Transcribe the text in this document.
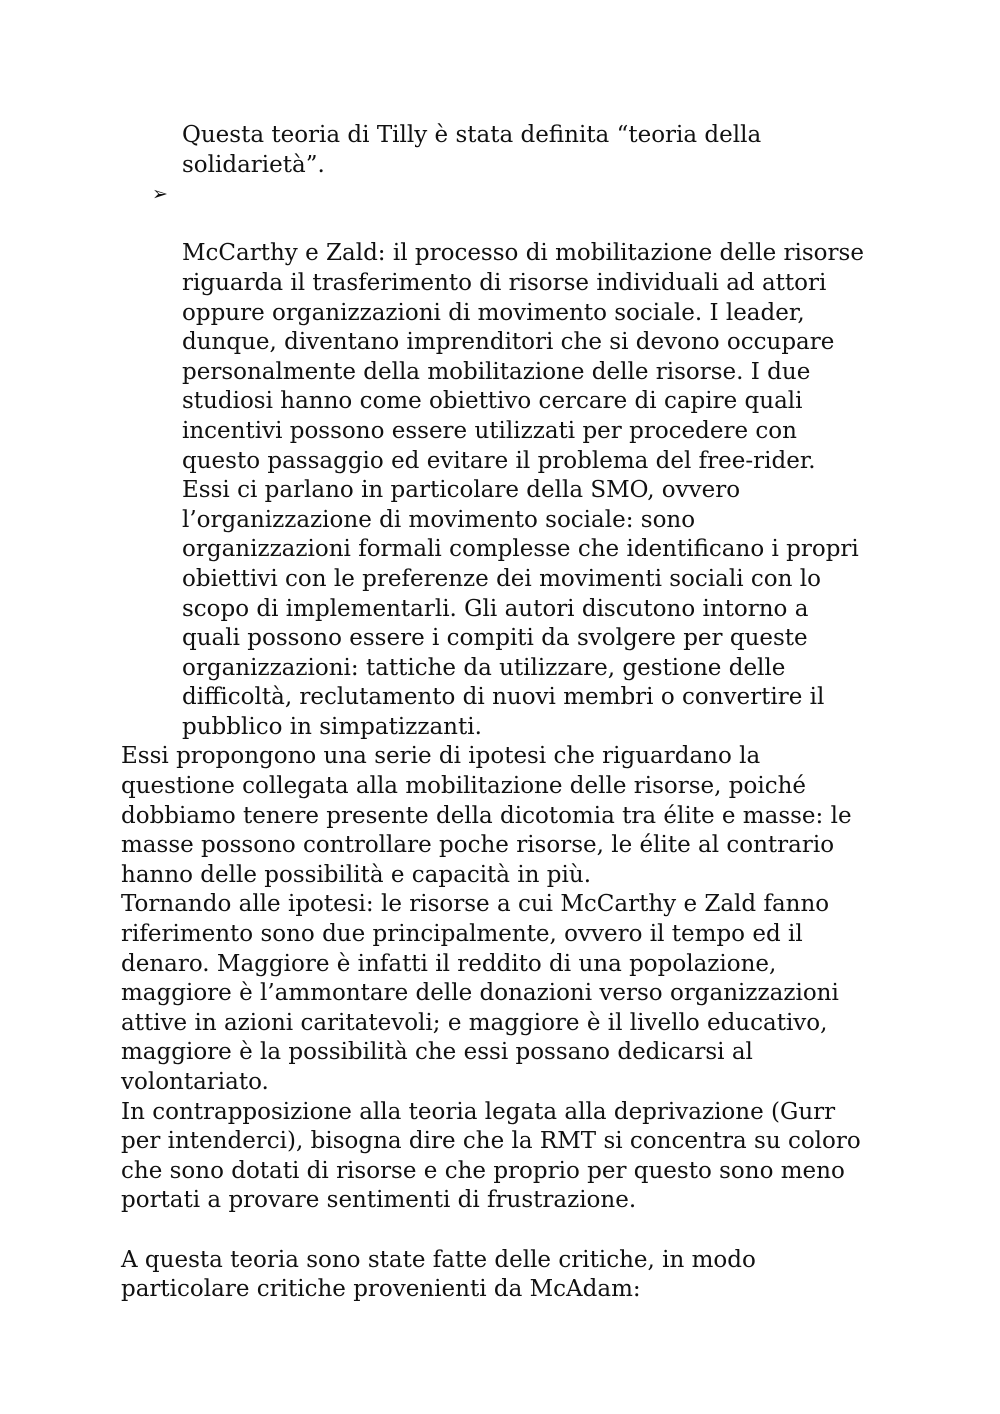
Questa teoria di Tilly è stata definita “teoria della
solidarietà”.

➢

McCarthy e Zald: il processo di mobilitazione delle risorse
riguarda il trasferimento di risorse individuali ad attori
oppure organizzazioni di movimento sociale. I leader,
dunque, diventano imprenditori che si devono occupare
personalmente della mobilitazione delle risorse. I due
studiosi hanno come obiettivo cercare di capire quali
incentivi possono essere utilizzati per procedere con
questo passaggio ed evitare il problema del free-rider.
Essi ci parlano in particolare della SMO, ovvero
l’organizzazione di movimento sociale: sono
organizzazioni formali complesse che identificano i propri
obiettivi con le preferenze dei movimenti sociali con lo
scopo di implementarli. Gli autori discutono intorno a
quali possono essere i compiti da svolgere per queste
organizzazioni: tattiche da utilizzare, gestione delle
difficoltà, reclutamento di nuovi membri o convertire il
pubblico in simpatizzanti.

Essi propongono una serie di ipotesi che riguardano la
questione collegata alla mobilitazione delle risorse, poiché
dobbiamo tenere presente della dicotomia tra élite e masse: le
masse possono controllare poche risorse, le élite al contrario
hanno delle possibilità e capacità in più.
Tornando alle ipotesi: le risorse a cui McCarthy e Zald fanno
riferimento sono due principalmente, ovvero il tempo ed il
denaro. Maggiore è infatti il reddito di una popolazione,
maggiore è l’ammontare delle donazioni verso organizzazioni
attive in azioni caritatevoli; e maggiore è il livello educativo,
maggiore è la possibilità che essi possano dedicarsi al
volontariato.
In contrapposizione alla teoria legata alla deprivazione (Gurr
per intenderci), bisogna dire che la RMT si concentra su coloro
che sono dotati di risorse e che proprio per questo sono meno
portati a provare sentimenti di frustrazione.
A questa teoria sono state fatte delle critiche, in modo
particolare critiche provenienti da McAdam:
